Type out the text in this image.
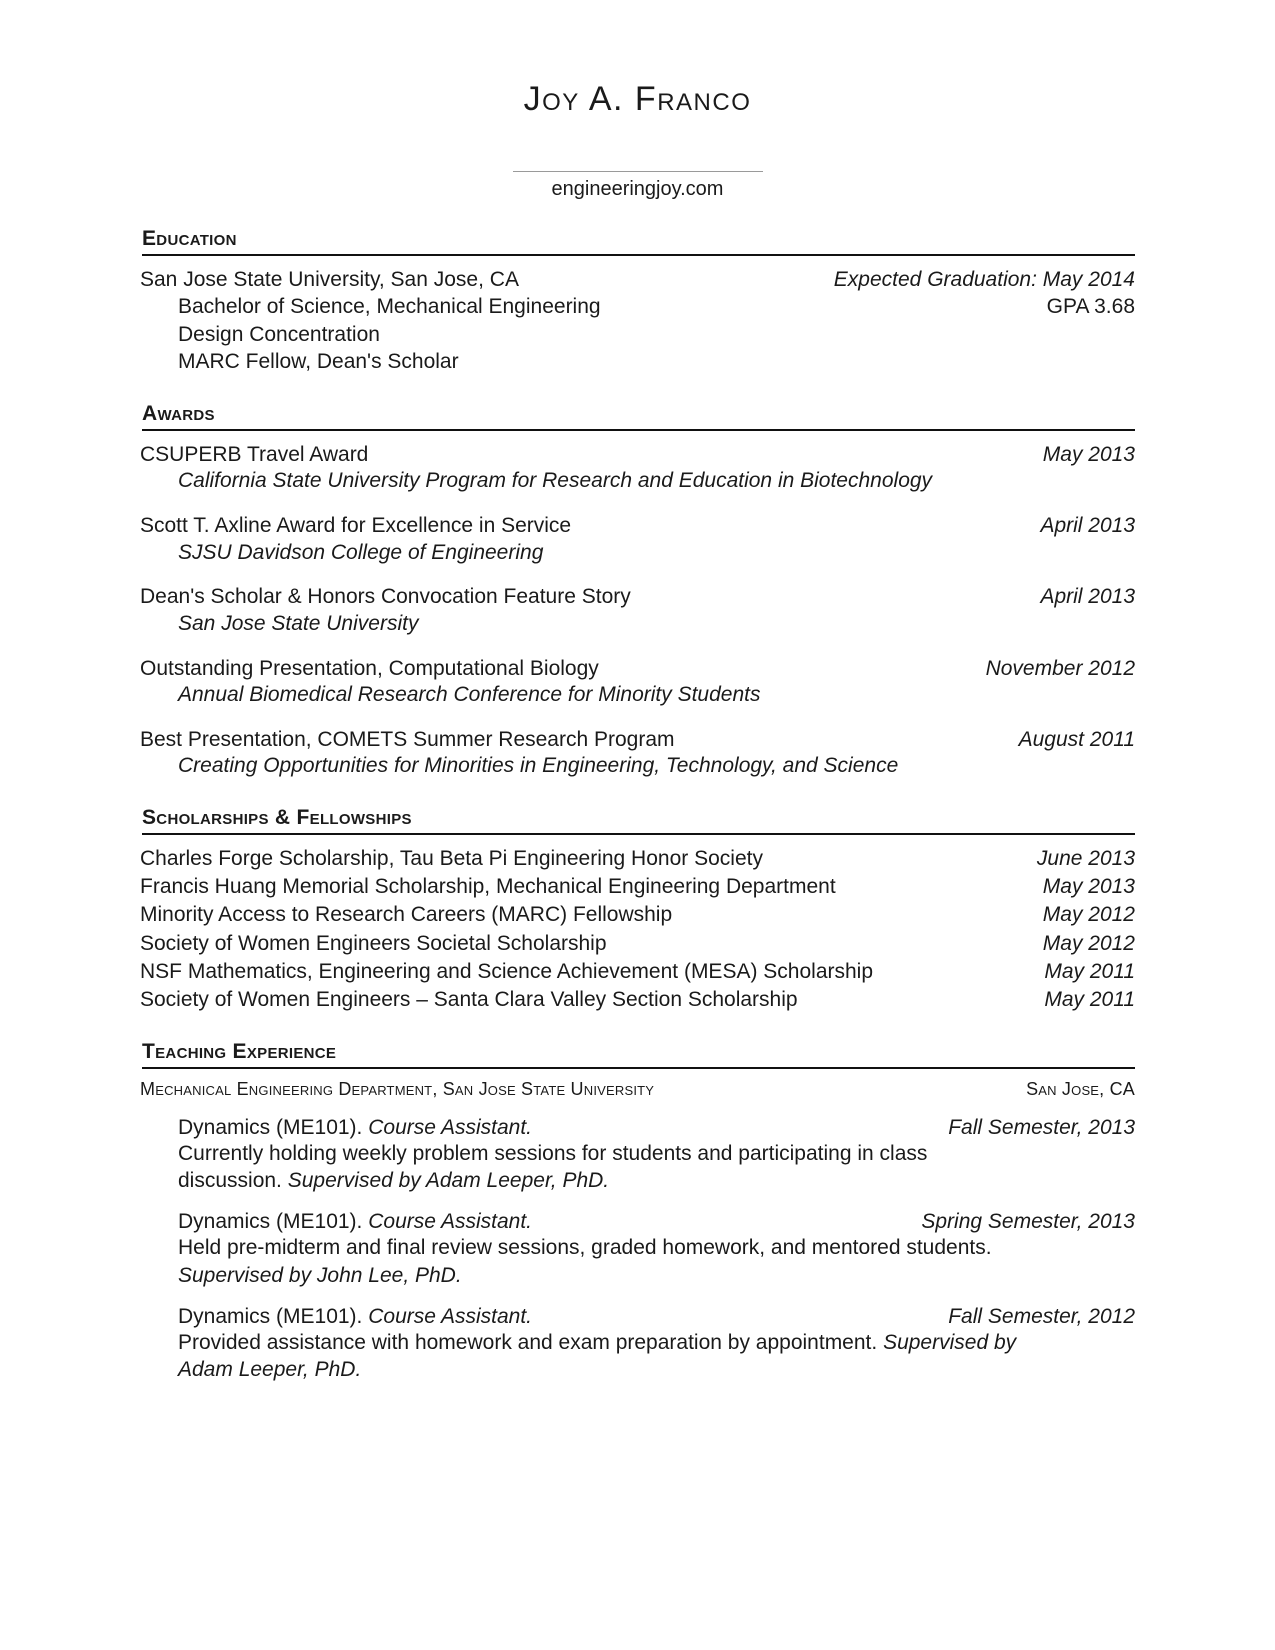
Joy A. Franco
engineeringjoy.com
Education
San Jose State University, San Jose, CA	Expected Graduation: May 2014
Bachelor of Science, Mechanical Engineering	GPA 3.68
Design Concentration
MARC Fellow, Dean's Scholar
Awards
CSUPERB Travel Award	May 2013
California State University Program for Research and Education in Biotechnology
Scott T. Axline Award for Excellence in Service	April 2013
SJSU Davidson College of Engineering
Dean's Scholar & Honors Convocation Feature Story	April 2013
San Jose State University
Outstanding Presentation, Computational Biology	November 2012
Annual Biomedical Research Conference for Minority Students
Best Presentation, COMETS Summer Research Program	August 2011
Creating Opportunities for Minorities in Engineering, Technology, and Science
Scholarships & Fellowships
Charles Forge Scholarship, Tau Beta Pi Engineering Honor Society	June 2013
Francis Huang Memorial Scholarship, Mechanical Engineering Department	May 2013
Minority Access to Research Careers (MARC) Fellowship	May 2012
Society of Women Engineers Societal Scholarship	May 2012
NSF Mathematics, Engineering and Science Achievement (MESA) Scholarship	May 2011
Society of Women Engineers – Santa Clara Valley Section Scholarship	May 2011
Teaching Experience
Mechanical Engineering Department, San Jose State University	San Jose, CA
Dynamics (ME101). Course Assistant.	Fall Semester, 2013
Currently holding weekly problem sessions for students and participating in class discussion. Supervised by Adam Leeper, PhD.
Dynamics (ME101). Course Assistant.	Spring Semester, 2013
Held pre-midterm and final review sessions, graded homework, and mentored students. Supervised by John Lee, PhD.
Dynamics (ME101). Course Assistant.	Fall Semester, 2012
Provided assistance with homework and exam preparation by appointment. Supervised by Adam Leeper, PhD.
